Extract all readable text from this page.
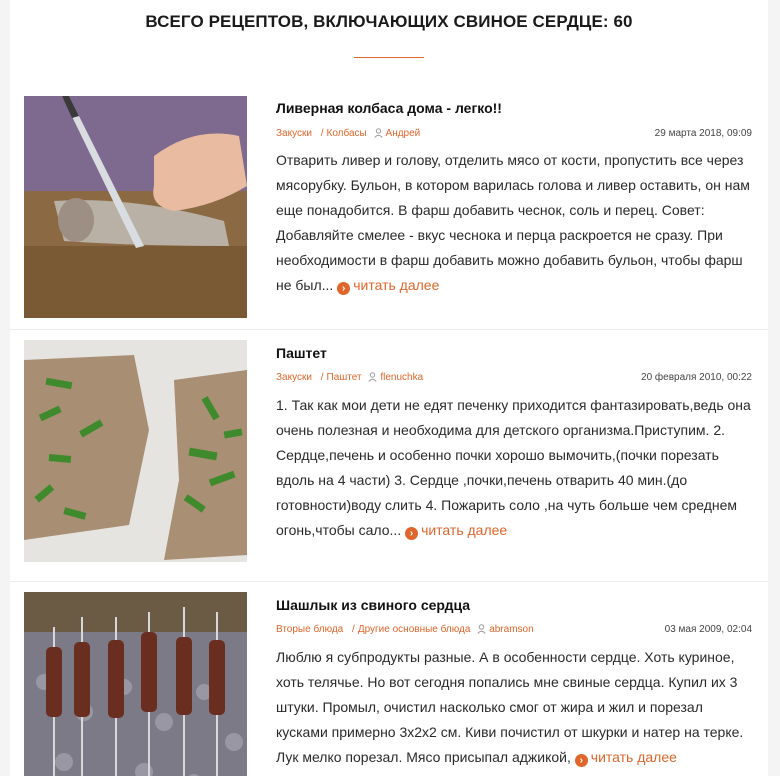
ВСЕГО РЕЦЕПТОВ, ВКЛЮЧАЮЩИХ СВИНОЕ СЕРДЦЕ: 60
Ливерная колбаса дома - легко!!
Закуски / Колбасы Андрей	29 марта 2018, 09:09
Отварить ливер и голову, отделить мясо от кости, пропустить все через мясорубку. Бульон, в котором варилась голова и ливер оставить, он нам еще понадобится. В фарш добавить чеснок, соль и перец. Совет: Добавляйте смелее - вкус чеснока и перца раскроется не сразу. При необходимости в фарш добавить можно добавить бульон, чтобы фарш не был... › читать далее
Паштет
Закуски / Паштет flenuchka	20 февраля 2010, 00:22
1. Так как мои дети не едят печенку приходится фантазировать,ведь она очень полезная и необходима для детского организма.Приступим. 2. Сердце,печень и особенно почки хорошо вымочить,(почки порезать вдоль на 4 части) 3. Сердце ,почки,печень отварить 40 мин.(до готовности)воду слить 4. Пожарить соло ,на чуть больше чем среднем огонь,чтобы сало... › читать далее
Шашлык из свиного сердца
Вторые блюда / Другие основные блюда abramson	03 мая 2009, 02:04
Люблю я субпродукты разные. А в особенности сердце. Хоть куриное, хоть телячье. Но вот сегодня попались мне свиные сердца. Купил их 3 штуки. Промыл, очистил насколько смог от жира и жил и порезал кусками примерно 3х2х2 см. Киви почистил от шкурки и натер на терке. Лук мелко порезал. Мясо присыпал аджикой, › читать далее
